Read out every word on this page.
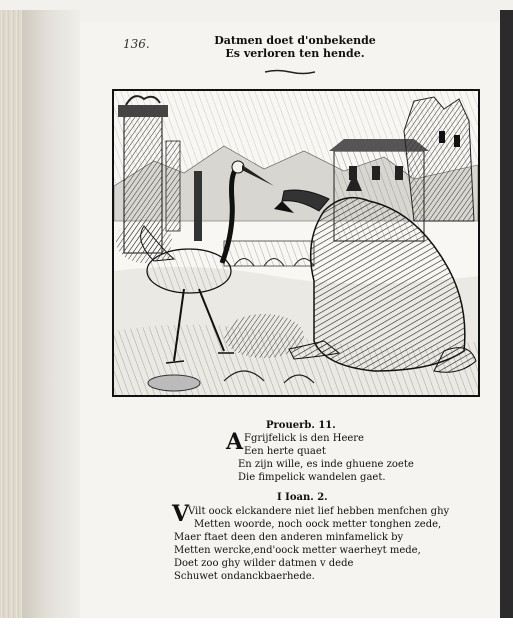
136.	Datmen doet d'onbekende
Es verloren ten hende.
Prouerb. 11.
A Fgrijfelick is den Heere
Een herte quaet
En zijn wille, es inde ghuene zoete
Die fimpelick wandelen gaet.
I Ioan. 2.
V
Vilt oock elckandere niet lief hebben menfchen ghy
Metten woorde, noch oock metter tonghen zede,
Maer ftaet deen den anderen minfamelick by
Metten wercke,end'oock metter waerheyt mede,
Doet zoo ghy wilder datmen v dede
Schuwet ondanckbaerhede.
